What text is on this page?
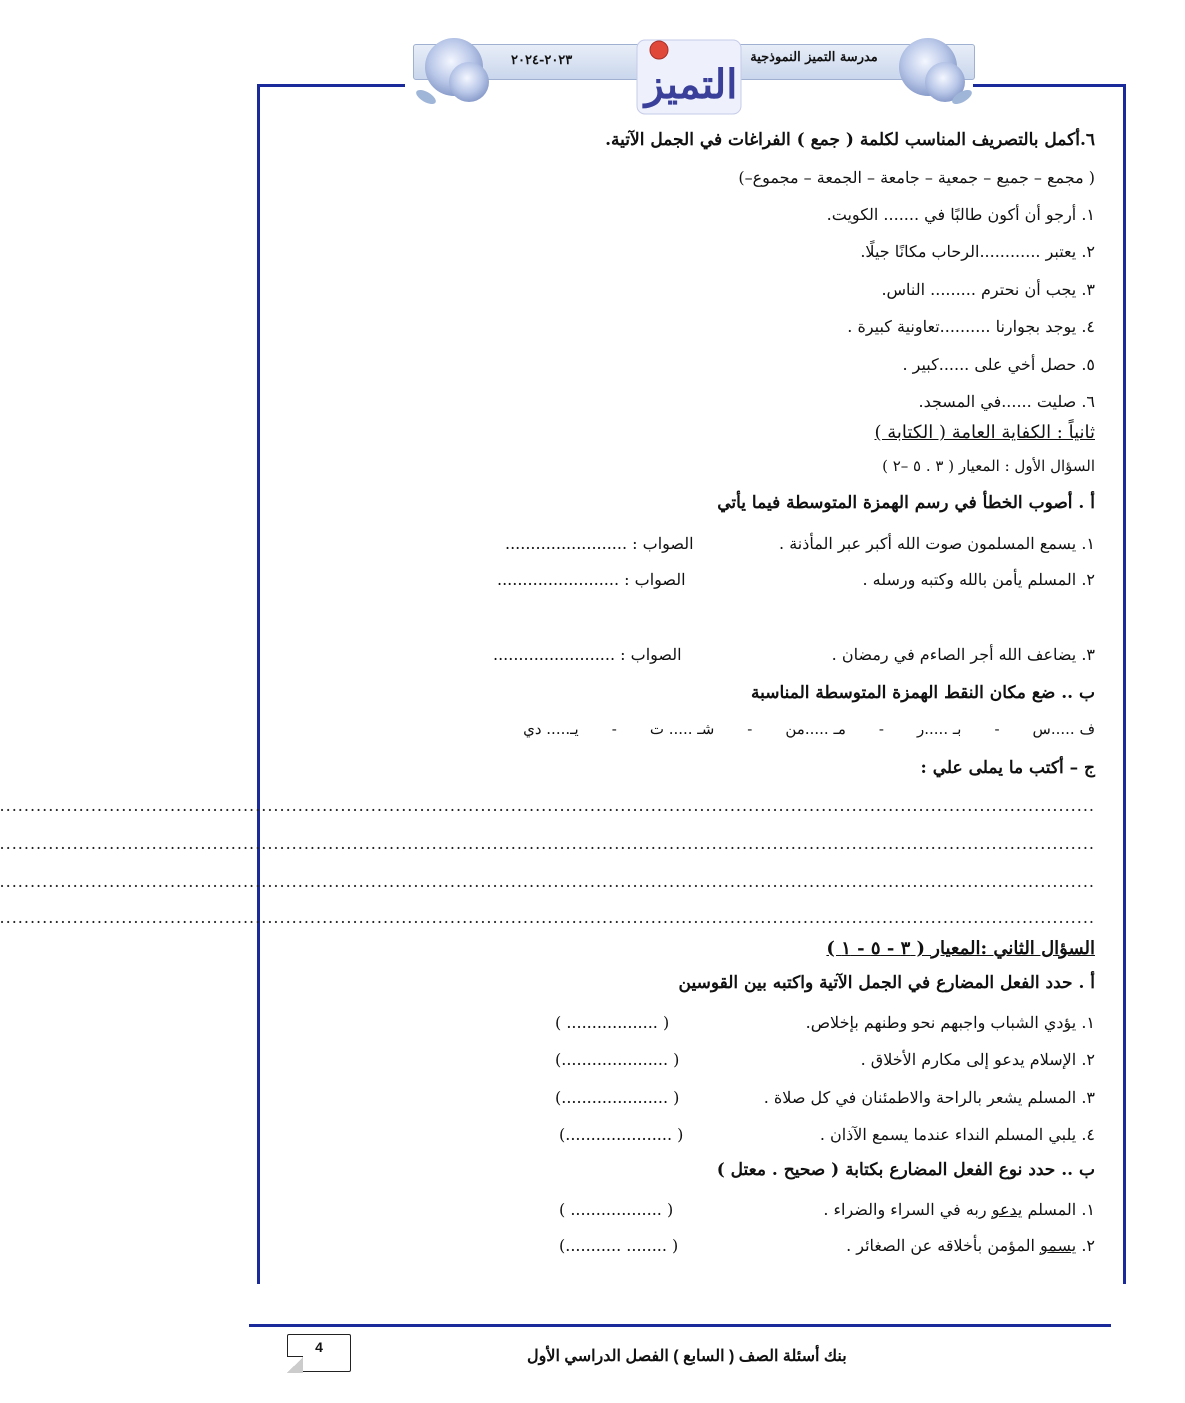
مدرسة التميز النموذجية
٢٠٢٣-٢٠٢٤
التميز
٦.أكمل بالتصريف المناسب لكلمة ( جمع ) الفراغات في الجمل الآتية.
( مجمع – جميع – جمعية – جامعة – الجمعة – مجموع–)
١. أرجو أن أكون طالبًا في ....... الكويت.
٢. يعتبر ............الرحاب مكانًا جيلًا.
٣. يجب أن نحترم ......... الناس.
٤. يوجد بجوارنا ..........تعاونية كبيرة .
٥. حصل أخي على ......كبير .
٦. صليت ......في المسجد.
ثانياً : الكفاية العامة ( الكتابة )
السؤال الأول : المعيار ( ٣ . ٥ –٢ )
أ . أصوب الخطأ في رسم الهمزة المتوسطة فيما يأتي
١. يسمع المسلمون صوت الله أكبر عبر المأذنة .
الصواب : ........................
٢. المسلم يأمن بالله وكتبه ورسله .
الصواب : ........................
٣. يضاعف الله أجر الصاءم في رمضان .
الصواب : ........................
ب .. ضع مكان النقط الهمزة المتوسطة المناسبة
ف .....س
-
بـ .....ر
-
مـ .....من
-
شـ ..... ت
-
يـ..... دي
ج – أكتب ما يملى علي :
....................................................................................................................................................................................
....................................................................................................................................................................................
....................................................................................................................................................................................
....................................................................................................................................................................................
السؤال الثاني :المعيار ( ٣ - ٥ - ١ )
أ . حدد الفعل المضارع في الجمل الآتية واكتبه بين القوسين
١. يؤدي الشباب واجبهم نحو وطنهم بإخلاص.
( .................. )
٢. الإسلام يدعو إلى مكارم الأخلاق .
(..................... )
٣. المسلم يشعر بالراحة والاطمئنان في كل صلاة .
(..................... )
٤. يلبي المسلم النداء عندما يسمع الآذان .
(..................... )
ب .. حدد نوع الفعل المضارع بكتابة ( صحيح . معتل )
١. المسلم يدعو ربه في السراء والضراء .
( .................. )
٢. يسمو المؤمن بأخلاقه عن الصغائر .
(........... ........ )
4
بنك أسئلة الصف ( السابع ) الفصل الدراسي الأول
